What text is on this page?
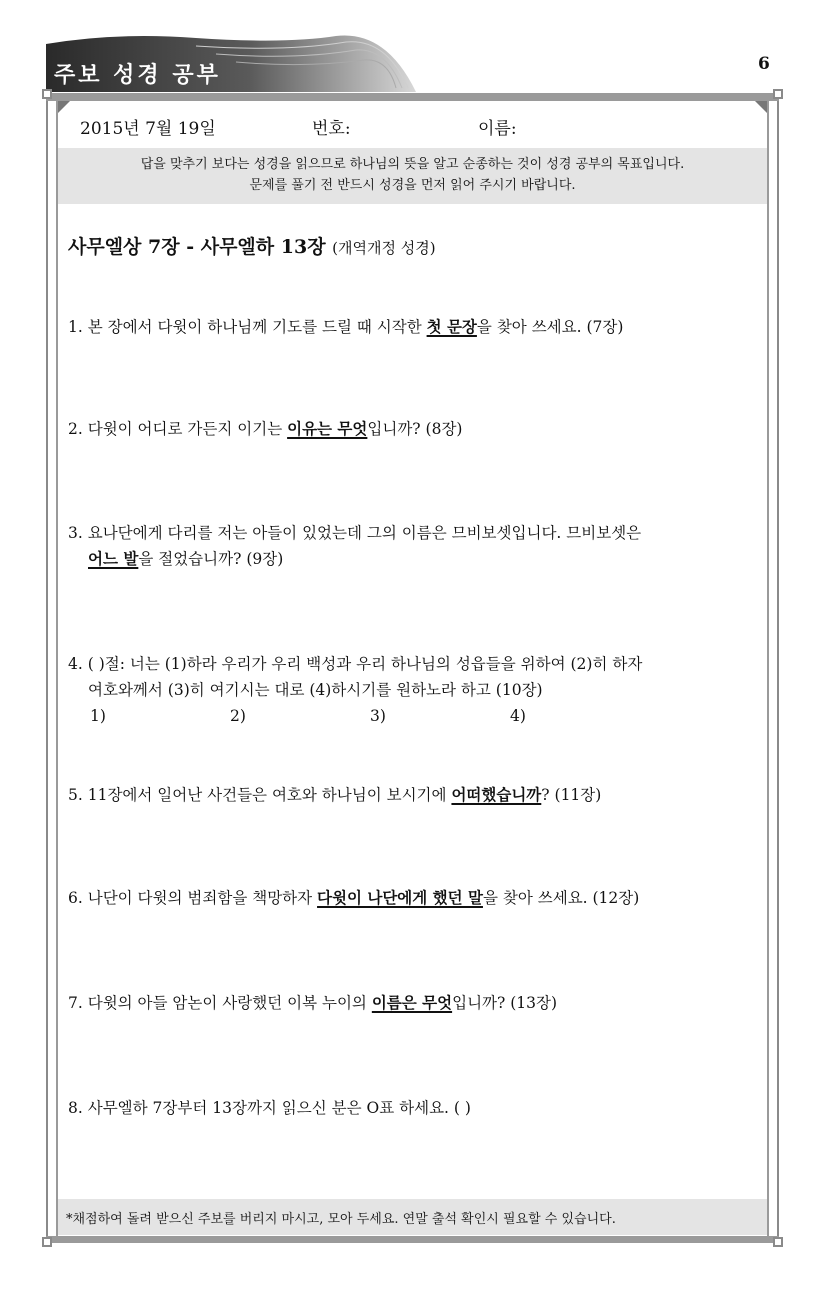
주보 성경 공부	6
2015년 7월 19일	번호:	이름:
답을 맞추기 보다는 성경을 읽으므로 하나님의 뜻을 알고 순종하는 것이 성경 공부의 목표입니다.
문제를 풀기 전 반드시 성경을 먼저 읽어 주시기 바랍니다.
사무엘상 7장 - 사무엘하 13장 (개역개정 성경)
1. 본 장에서 다윗이 하나님께 기도를 드릴 때 시작한 첫 문장을 찾아 쓰세요. (7장)
2. 다윗이 어디로 가든지 이기는 이유는 무엇입니까? (8장)
3. 요나단에게 다리를 저는 아들이 있었는데 그의 이름은 므비보셋입니다. 므비보셋은
어느 발을 절었습니까? (9장)
4. ( )절: 너는 (1)하라 우리가 우리 백성과 우리 하나님의 성읍들을 위하여 (2)히 하자
여호와께서 (3)히 여기시는 대로 (4)하시기를 원하노라 하고 (10장)
1)	2)	3)	4)
5. 11장에서 일어난 사건들은 여호와 하나님이 보시기에 어떠했습니까? (11장)
6. 나단이 다윗의 범죄함을 책망하자 다윗이 나단에게 했던 말을 찾아 쓰세요. (12장)
7. 다윗의 아들 암논이 사랑했던 이복 누이의 이름은 무엇입니까? (13장)
8. 사무엘하 7장부터 13장까지 읽으신 분은 O표 하세요. ( )
*채점하여 돌려 받으신 주보를 버리지 마시고, 모아 두세요. 연말 출석 확인시 필요할 수 있습니다.
